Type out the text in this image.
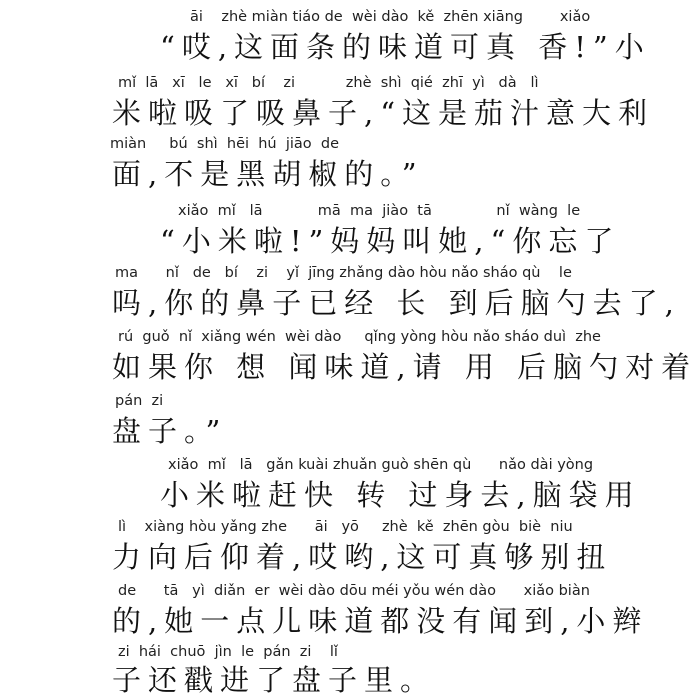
āi    zhè miàn tiáo de  wèi dào  kě  zhēn xiāng        xiǎo
“哎,这面条的味道可真 香!”小
mǐ  lā   xī   le   xī   bí    zi           zhè  shì  qié  zhī  yì   dà   lì
米啦吸了吸鼻子,“这是茄汁意大利
miàn     bú  shì  hēi  hú  jiāo  de
面,不是黑胡椒的。”
xiǎo  mǐ   lā            mā  ma  jiào  tā              nǐ  wàng  le
“小米啦!”妈妈叫她,“你忘了
ma      nǐ   de   bí    zi    yǐ  jīng zhǎng dào hòu nǎo sháo qù    le
吗,你的鼻子已经 长 到后脑勺去了,
rú  guǒ  nǐ  xiǎng wén  wèi dào     qǐng yòng hòu nǎo sháo duì  zhe
如果你 想 闻味道,请 用 后脑勺对着
pán  zi
盘子。”
xiǎo  mǐ   lā   gǎn kuài zhuǎn guò shēn qù      nǎo dài yòng
小米啦赶快 转 过身去,脑袋用
lì    xiàng hòu yǎng zhe      āi   yō     zhè  kě  zhēn gòu  biè  niu
力向后仰着,哎哟,这可真够别扭
de      tā   yì  diǎn  er  wèi dào dōu méi yǒu wén dào      xiǎo biàn
的,她一点儿味道都没有闻到,小辫
zi  hái  chuō  jìn  le  pán  zi    lǐ
子还戳进了盘子里。
